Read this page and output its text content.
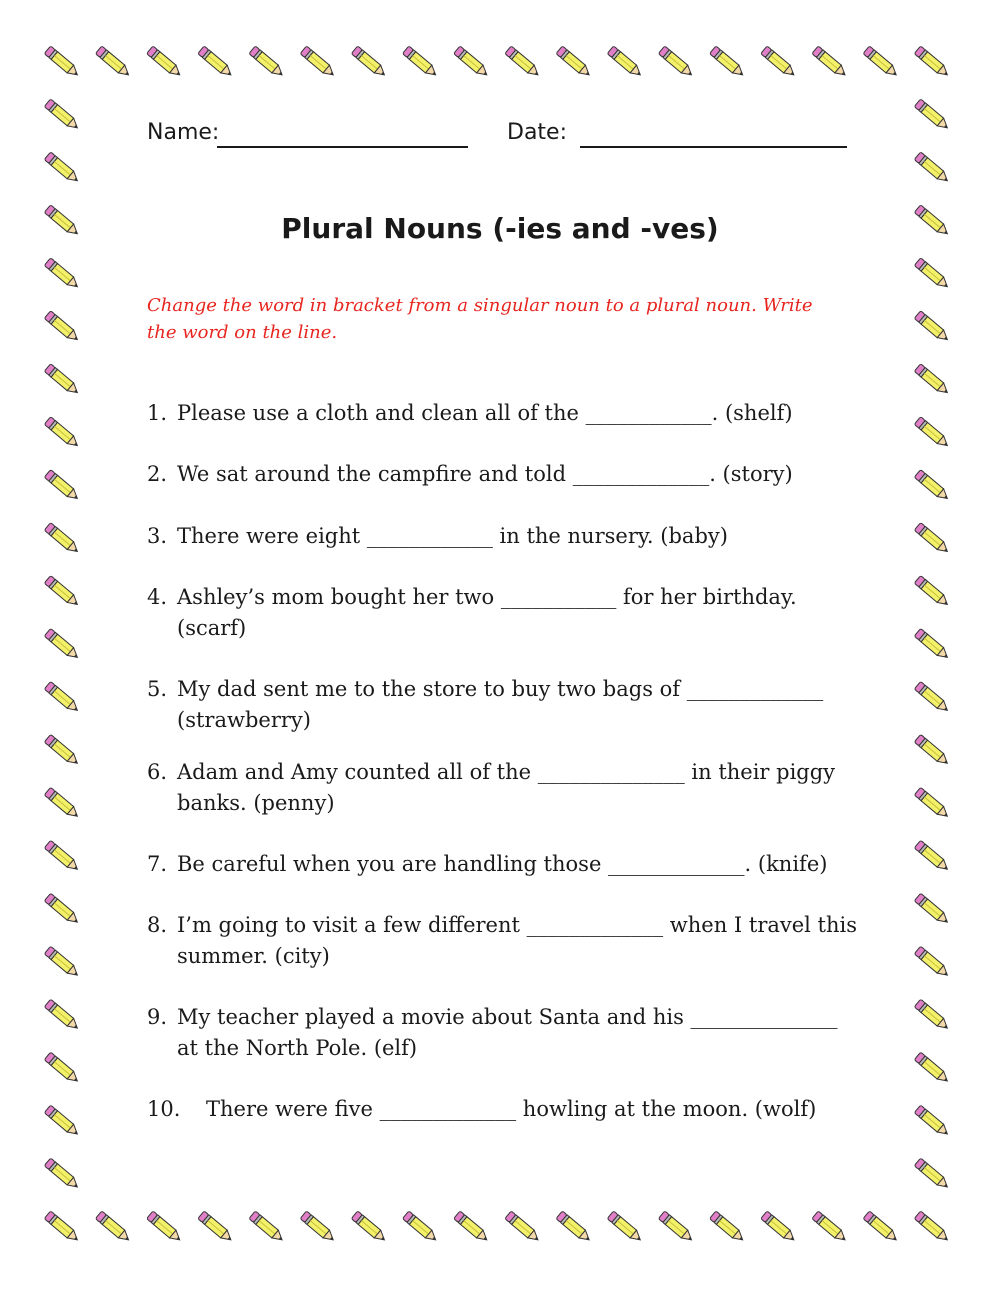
Name:	Date:
Plural Nouns (-ies and -ves)
Change the word in bracket from a singular noun to a plural noun. Write the word on the line.
1. Please use a cloth and clean all of the ____________. (shelf)
2. We sat around the campfire and told _____________. (story)
3. There were eight ____________ in the nursery. (baby)
4. Ashley’s mom bought her two ___________ for her birthday. (scarf)
5. My dad sent me to the store to buy two bags of _____________ (strawberry)
6. Adam and Amy counted all of the ______________ in their piggy banks. (penny)
7. Be careful when you are handling those _____________. (knife)
8. I’m going to visit a few different _____________ when I travel this summer. (city)
9. My teacher played a movie about Santa and his ______________ at the North Pole. (elf)
10. There were five _____________ howling at the moon. (wolf)
